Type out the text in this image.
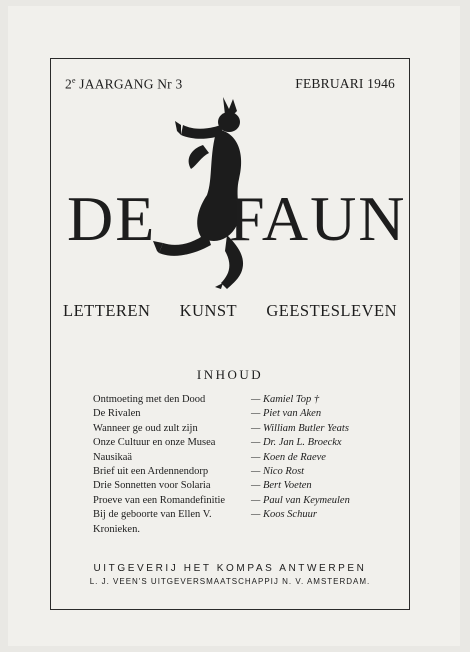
2e JAARGANG Nr 3	FEBRUARI 1946
DE FAUN
LETTEREN KUNST GEESTESLEVEN
INHOUD
Ontmoeting met den Dood	— Kamiel Top †
De Rivalen	— Piet van Aken
Wanneer ge oud zult zijn	— William Butler Yeats
Onze Cultuur en onze Musea	— Dr. Jan L. Broeckx
Nausikaä	— Koen de Raeve
Brief uit een Ardennendorp	— Nico Rost
Drie Sonnetten voor Solaria	— Bert Voeten
Proeve van een Romandefinitie	— Paul van Keymeulen
Bij de geboorte van Ellen V.	— Koos Schuur
Kronieken.
UITGEVERIJ HET KOMPAS ANTWERPEN
L. J. VEEN'S UITGEVERSMAATSCHAPPIJ N. V. AMSTERDAM.
